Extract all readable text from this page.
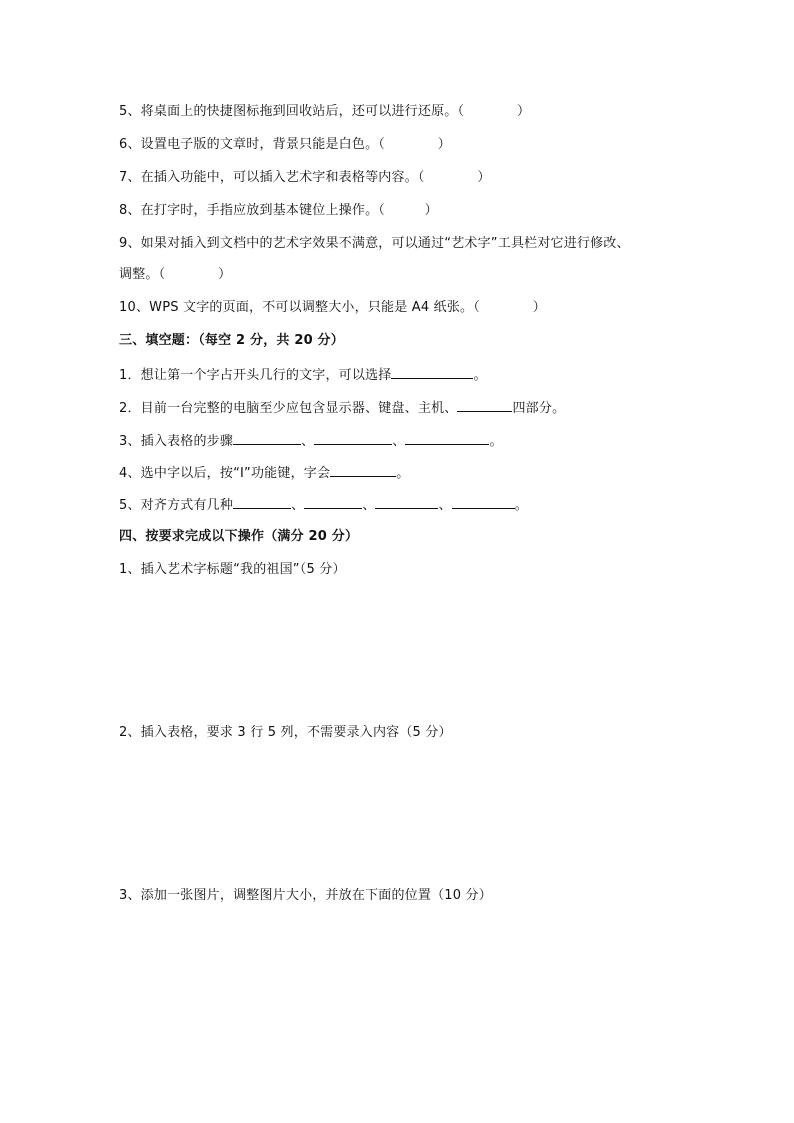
5、将桌面上的快捷图标拖到回收站后，还可以进行还原。（　　　　）
6、设置电子版的文章时，背景只能是白色。（　　　　）
7、在插入功能中，可以插入艺术字和表格等内容。（　　　　）
8、在打字时，手指应放到基本键位上操作。（　　　）
9、如果对插入到文档中的艺术字效果不满意，可以通过“艺术字”工具栏对它进行修改、
调整。（　　　　）
10、WPS 文字的页面，不可以调整大小，只能是 A4 纸张。（　　　　）
三、填空题：（每空 2 分，共 20 分）
1．想让第一个字占开头几行的文字，可以选择	。
2．目前一台完整的电脑至少应包含显示器、键盘、主机、	四部分。
3、插入表格的步骤	、	、	。
4、选中字以后，按“I”功能键，字会	。
5、对齐方式有几种	、	、	、	。
四、按要求完成以下操作（满分 20 分）
1、插入艺术字标题“我的祖国”（5 分）
2、插入表格，要求 3 行 5 列，不需要录入内容（5 分）
3、添加一张图片，调整图片大小，并放在下面的位置（10 分）
